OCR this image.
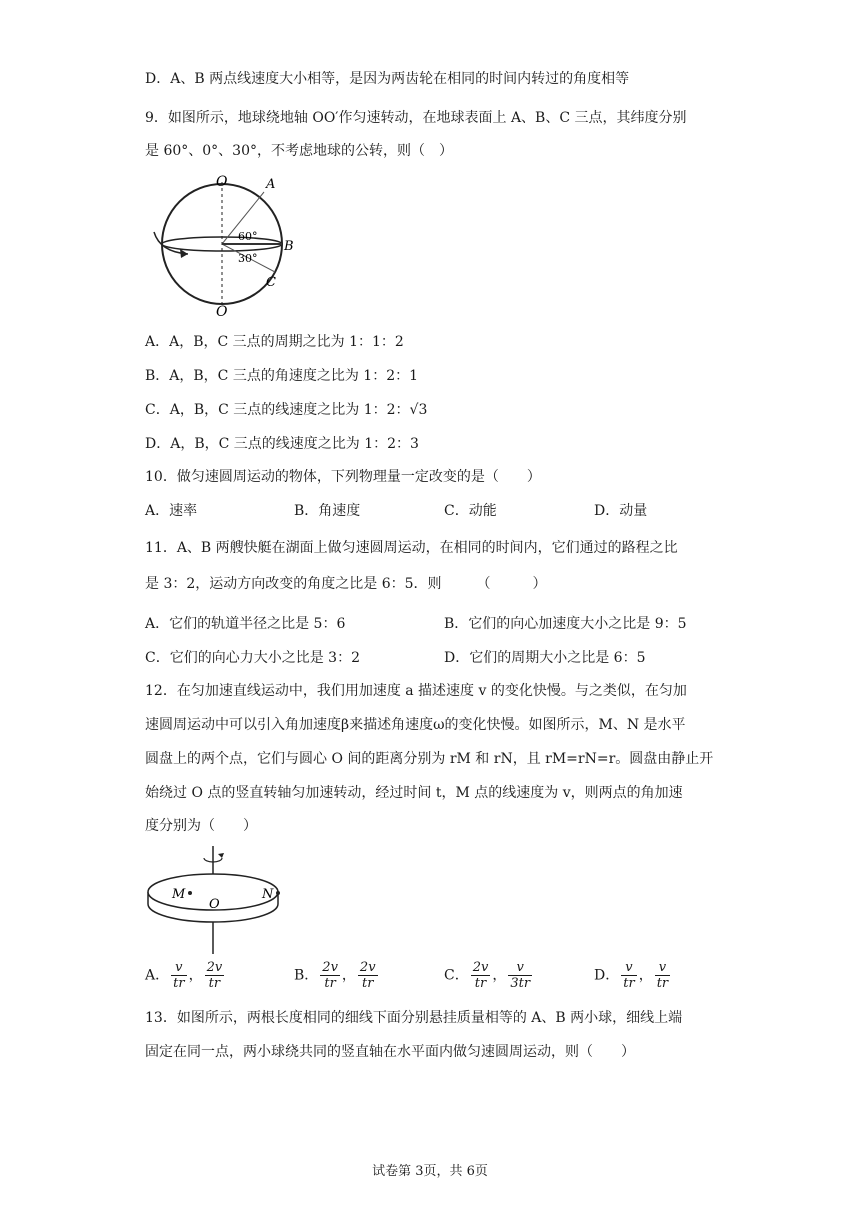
D．A、B 两点线速度大小相等，是因为两齿轮在相同的时间内转过的角度相等
9．如图所示，地球绕地轴 OO′作匀速转动，在地球表面上 A、B、C 三点，其纬度分别
是 60°、0°、30°，不考虑地球的公转，则（　）
O	A
B
C
60°
30°
O
A．A，B，C 三点的周期之比为 1：1：2
B．A，B，C 三点的角速度之比为 1：2：1
C．A，B，C 三点的线速度之比为 1：2：√3
D．A，B，C 三点的线速度之比为 1：2：3
10．做匀速圆周运动的物体，下列物理量一定改变的是（　　）
A．速率	B．角速度	C．动能	D．动量
11．A、B 两艘快艇在湖面上做匀速圆周运动，在相同的时间内，它们通过的路程之比
是 3：2，运动方向改变的角度之比是 6：5．则　　　（　　　）
A．它们的轨道半径之比是 5：6	B．它们的向心加速度大小之比是 9：5
C．它们的向心力大小之比是 3：2	D．它们的周期大小之比是 6：5
12．在匀加速直线运动中，我们用加速度 a 描述速度 v 的变化快慢。与之类似，在匀加
速圆周运动中可以引入角加速度β来描述角速度ω的变化快慢。如图所示，M、N 是水平
圆盘上的两个点，它们与圆心 O 间的距离分别为 rM 和 rN，且 rM=rN=r。圆盘由静止开
始绕过 O 点的竖直转轴匀加速转动，经过时间 t，M 点的线速度为 v，则两点的角加速
度分别为（　　）
M	N
O
A． $\frac{v}{tr}$ ， $\frac{2v}{tr}$	B． $\frac{2v}{tr}$ ， $\frac{2v}{tr}$	C． $\frac{2v}{tr}$ ， $\frac{v}{3tr}$	D． $\frac{v}{tr}$ ， $\frac{v}{tr}$
13．如图所示，两根长度相同的细线下面分别悬挂质量相等的 A、B 两小球，细线上端
固定在同一点，两小球绕共同的竖直轴在水平面内做匀速圆周运动，则（　　）
试卷第 3页，共 6页
